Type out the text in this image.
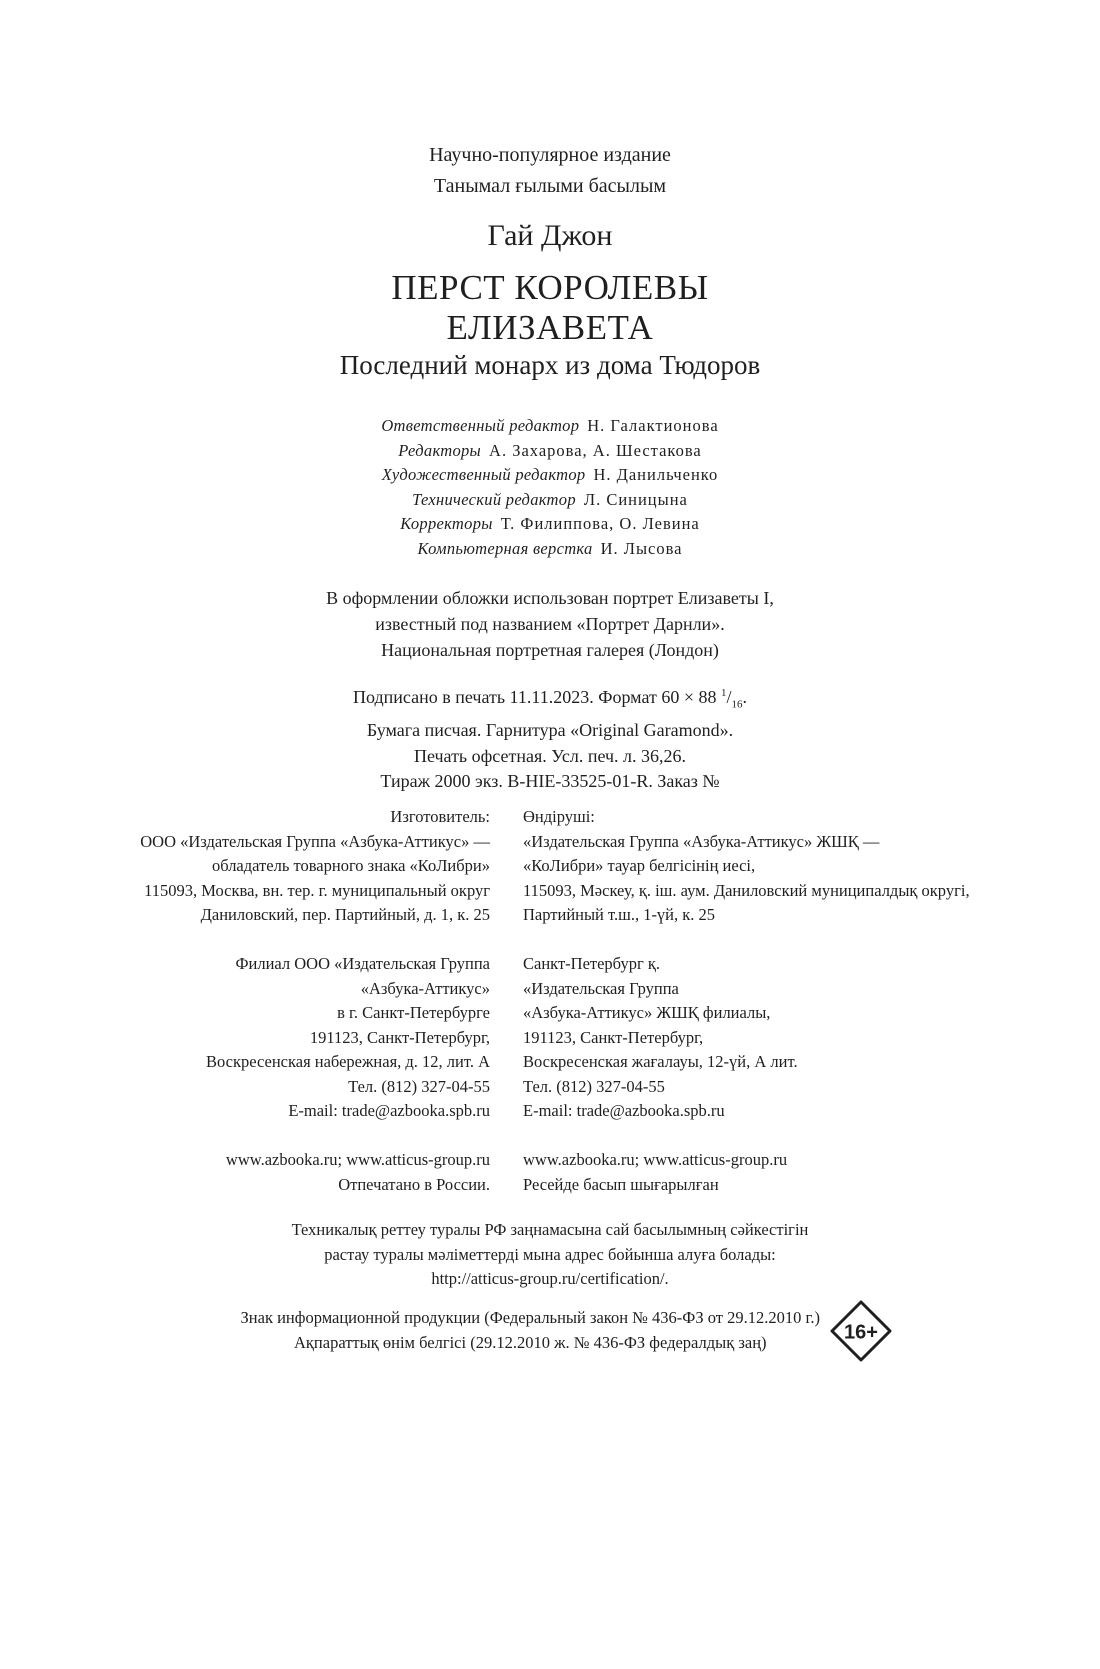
Научно-популярное издание
Танымал ғылыми басылым
Гай Джон
ПЕРСТ КОРОЛЕВЫ
ЕЛИЗАВЕТА
Последний монарх из дома Тюдоров
Ответственный редактор Н. Галактионова
Редакторы А. Захарова, А. Шестакова
Художественный редактор Н. Данильченко
Технический редактор Л. Синицына
Корректоры Т. Филиппова, О. Левина
Компьютерная верстка И. Лысова
В оформлении обложки использован портрет Елизаветы I,
известный под названием «Портрет Дарнли».
Национальная портретная галерея (Лондон)
Подписано в печать 11.11.2023. Формат 60 × 88 $^1/_{16}$.
Бумага писчая. Гарнитура «Original Garamond».
Печать офсетная. Усл. печ. л. 36,26.
Тираж 2000 экз. В-HIE-33525-01-R. Заказ №
Изготовитель:
ООО «Издательская Группа «Азбука-Аттикус» —
обладатель товарного знака «КоЛибри»
115093, Москва, вн. тер. г. муниципальный округ
Даниловский, пер. Партийный, д. 1, к. 25
Филиал ООО «Издательская Группа
«Азбука-Аттикус»
в г. Санкт-Петербурге
191123, Санкт-Петербург,
Воскресенская набережная, д. 12, лит. А
Тел. (812) 327-04-55
E-mail: trade@azbooka.spb.ru
www.azbooka.ru; www.atticus-group.ru
Отпечатано в России.
Өндіруші:
«Издательская Группа «Азбука-Аттикус» ЖШҚ —
«КоЛибри» тауар белгісінің иесі,
115093, Мәскеу, қ. іш. аум. Даниловский муниципалдық округі,
Партийный т.ш., 1-үй, к. 25
Санкт-Петербург қ.
«Издательская Группа
«Азбука-Аттикус» ЖШҚ филиалы,
191123, Санкт-Петербург,
Воскресенская жағалауы, 12-үй, А лит.
Тел. (812) 327-04-55
E-mail: trade@azbooka.spb.ru
www.azbooka.ru; www.atticus-group.ru
Ресейде басып шығарылған
Техникалық реттеу туралы РФ заңнамасына сай басылымның сәйкестігін
растау туралы мәліметтерді мына адрес бойынша алуға болады:
http://atticus-group.ru/certification/.
Знак информационной продукции (Федеральный закон № 436-ФЗ от 29.12.2010 г.)
Ақпараттық өнім белгісі (29.12.2010 ж. № 436-ФЗ федералдық заң)	16+
